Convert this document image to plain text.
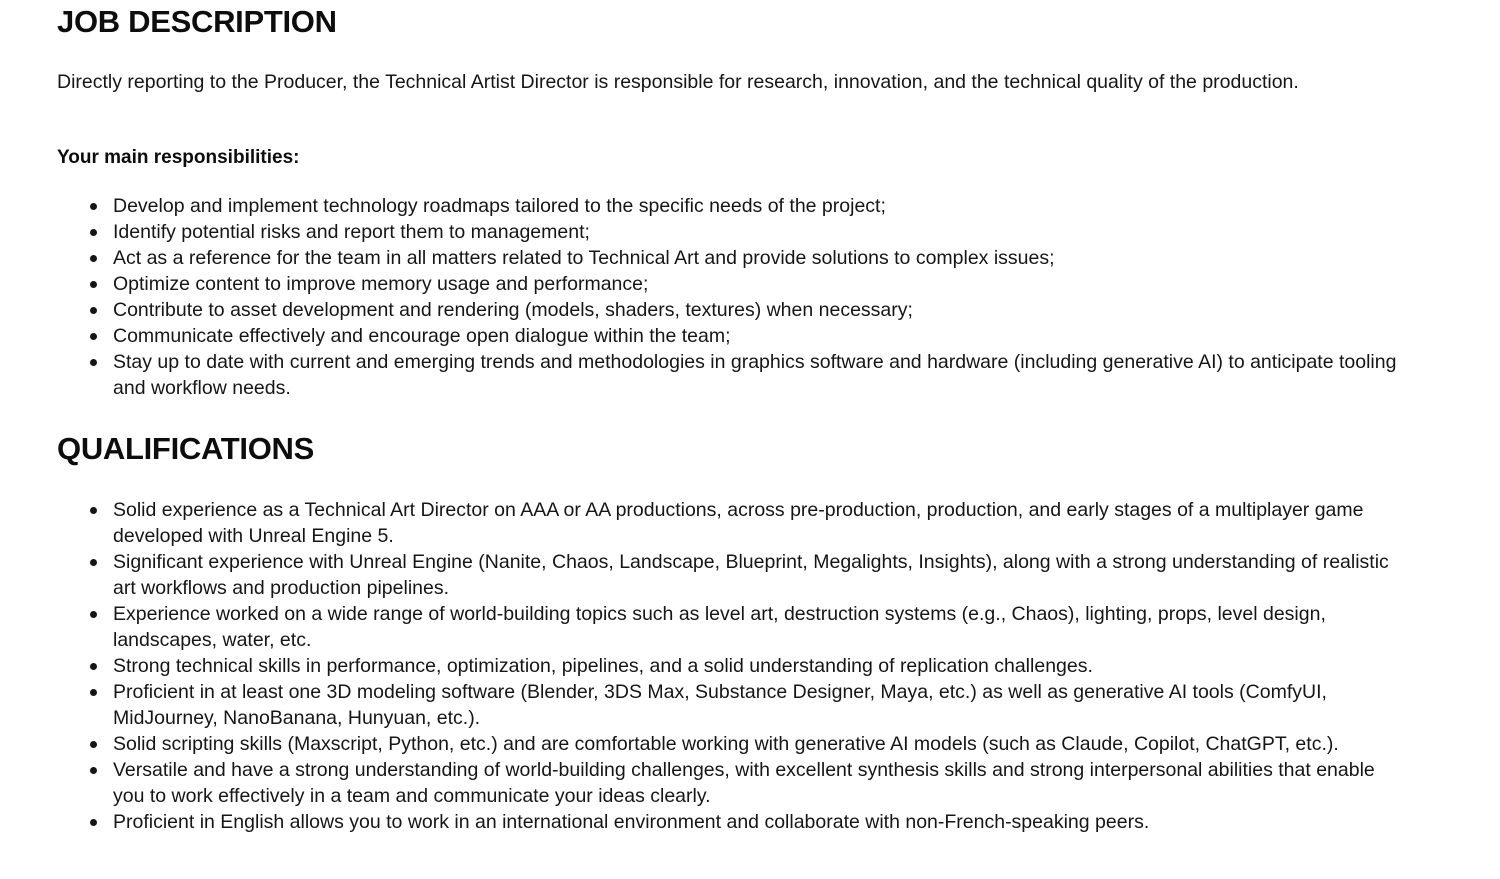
JOB DESCRIPTION

Directly reporting to the Producer, the Technical Artist Director is responsible for research, innovation, and the technical quality of the production.

Your main responsibilities:

Develop and implement technology roadmaps tailored to the specific needs of the project;
Identify potential risks and report them to management;
Act as a reference for the team in all matters related to Technical Art and provide solutions to complex issues;
Optimize content to improve memory usage and performance;
Contribute to asset development and rendering (models, shaders, textures) when necessary;
Communicate effectively and encourage open dialogue within the team;
Stay up to date with current and emerging trends and methodologies in graphics software and hardware (including generative AI) to anticipate tooling and workflow needs.
QUALIFICATIONS
Solid experience as a Technical Art Director on AAA or AA productions, across pre-production, production, and early stages of a multiplayer game developed with Unreal Engine 5.
Significant experience with Unreal Engine (Nanite, Chaos, Landscape, Blueprint, Megalights, Insights), along with a strong understanding of realistic art workflows and production pipelines.
Experience worked on a wide range of world-building topics such as level art, destruction systems (e.g., Chaos), lighting, props, level design, landscapes, water, etc.
Strong technical skills in performance, optimization, pipelines, and a solid understanding of replication challenges.
Proficient in at least one 3D modeling software (Blender, 3DS Max, Substance Designer, Maya, etc.) as well as generative AI tools (ComfyUI, MidJourney, NanoBanana, Hunyuan, etc.).
Solid scripting skills (Maxscript, Python, etc.) and are comfortable working with generative AI models (such as Claude, Copilot, ChatGPT, etc.).
Versatile and have a strong understanding of world-building challenges, with excellent synthesis skills and strong interpersonal abilities that enable you to work effectively in a team and communicate your ideas clearly.
Proficient in English allows you to work in an international environment and collaborate with non-French-speaking peers.
